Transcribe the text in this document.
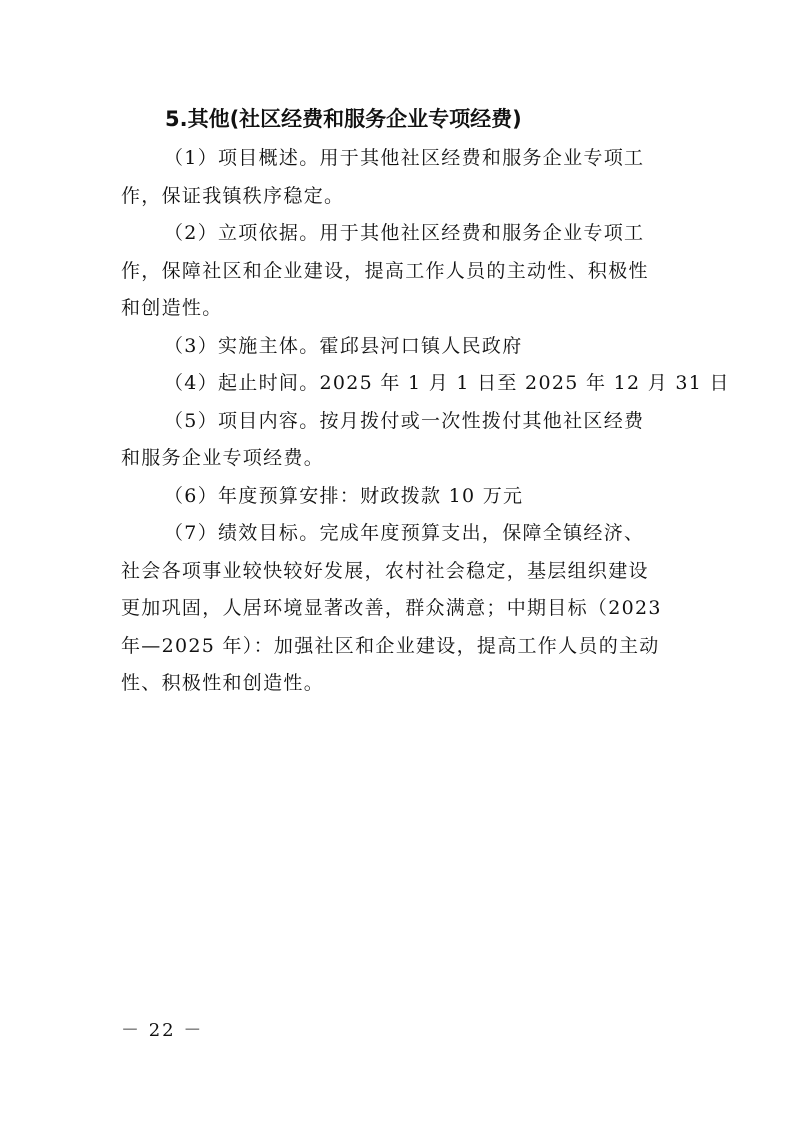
5.其他(社区经费和服务企业专项经费)

（1）项目概述。用于其他社区经费和服务企业专项工
作，保证我镇秩序稳定。

（2）立项依据。用于其他社区经费和服务企业专项工
作，保障社区和企业建设，提高工作人员的主动性、积极性
和创造性。

（3）实施主体。霍邱县河口镇人民政府

（4）起止时间。2025 年 1 月 1 日至 2025 年 12 月 31 日

（5）项目内容。按月拨付或一次性拨付其他社区经费
和服务企业专项经费。

（6）年度预算安排：财政拨款 10 万元

（7）绩效目标。完成年度预算支出，保障全镇经济、
社会各项事业较快较好发展，农村社会稳定，基层组织建设
更加巩固，人居环境显著改善，群众满意；中期目标（2023
年—2025 年）：加强社区和企业建设，提高工作人员的主动
性、积极性和创造性。

－ 22 －
